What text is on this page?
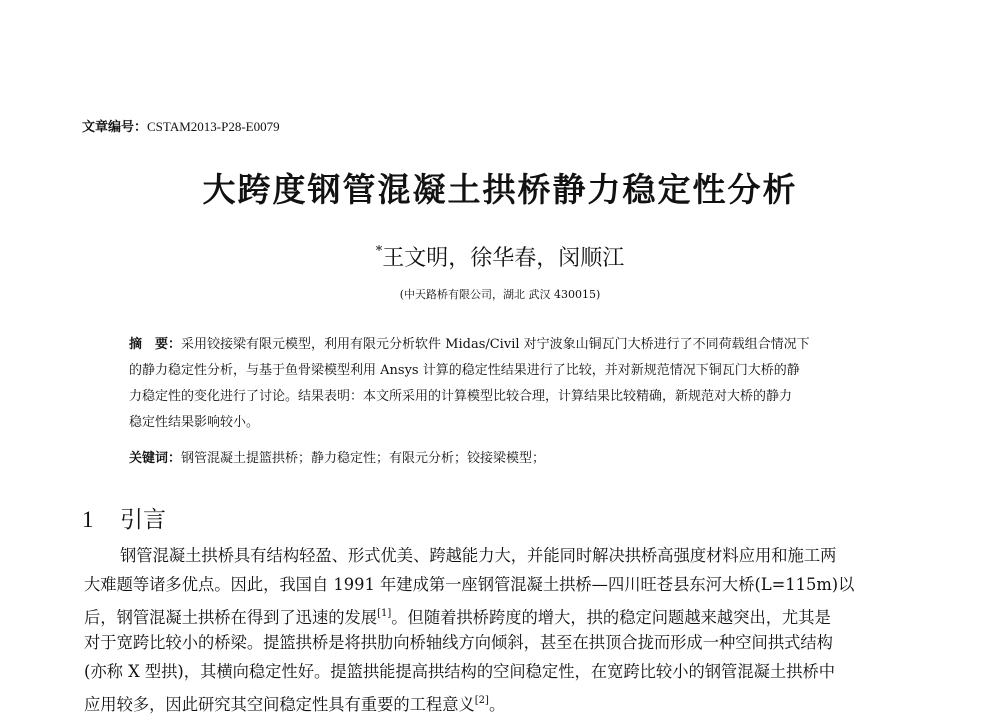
文章编号：CSTAM2013-P28-E0079
大跨度钢管混凝土拱桥静力稳定性分析
*王文明，徐华春，闵顺江
(中天路桥有限公司，湖北 武汉 430015)
摘　要：采用铰接梁有限元模型，利用有限元分析软件 Midas/Civil 对宁波象山铜瓦门大桥进行了不同荷载组合情况下
的静力稳定性分析，与基于鱼骨梁模型利用 Ansys 计算的稳定性结果进行了比较，并对新规范情况下铜瓦门大桥的静
力稳定性的变化进行了讨论。结果表明：本文所采用的计算模型比较合理，计算结果比较精确，新规范对大桥的静力
稳定性结果影响较小。
关键词：钢管混凝土提篮拱桥；静力稳定性；有限元分析；铰接梁模型；
1 引言
钢管混凝土拱桥具有结构轻盈、形式优美、跨越能力大，并能同时解决拱桥高强度材料应用和施工两
大难题等诸多优点。因此，我国自 1991 年建成第一座钢管混凝土拱桥—四川旺苍县东河大桥(L=115m)以
后，钢管混凝土拱桥在得到了迅速的发展[1]。但随着拱桥跨度的增大，拱的稳定问题越来越突出，尤其是
对于宽跨比较小的桥梁。提篮拱桥是将拱肋向桥轴线方向倾斜，甚至在拱顶合拢而形成一种空间拱式结构
(亦称 X 型拱)，其横向稳定性好。提篮拱能提高拱结构的空间稳定性，在宽跨比较小的钢管混凝土拱桥中
应用较多，因此研究其空间稳定性具有重要的工程意义[2]。
